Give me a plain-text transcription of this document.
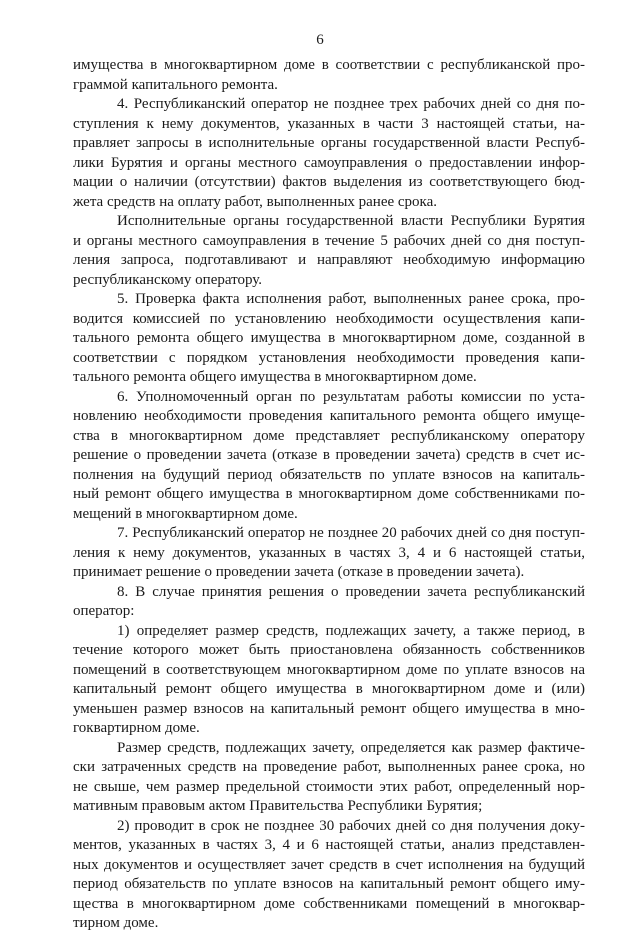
6
имущества в многоквартирном доме в соответствии с республиканской про-
граммой капитального ремонта.
4. Республиканский оператор не позднее трех рабочих дней со дня по-
ступления к нему документов, указанных в части 3 настоящей статьи, на-
правляет запросы в исполнительные органы государственной власти Респуб-
лики Бурятия и органы местного самоуправления о предоставлении инфор-
мации о наличии (отсутствии) фактов выделения из соответствующего бюд-
жета средств на оплату работ, выполненных ранее срока.
Исполнительные органы государственной власти Республики Бурятия
и органы местного самоуправления в течение 5 рабочих дней со дня поступ-
ления запроса, подготавливают и направляют необходимую информацию
республиканскому оператору.
5. Проверка факта исполнения работ, выполненных ранее срока, про-
водится комиссией по установлению необходимости осуществления капи-
тального ремонта общего имущества в многоквартирном доме, созданной в
соответствии с порядком установления необходимости проведения капи-
тального ремонта общего имущества в многоквартирном доме.
6. Уполномоченный орган по результатам работы комиссии по уста-
новлению необходимости проведения капитального ремонта общего имуще-
ства в многоквартирном доме представляет республиканскому оператору
решение о проведении зачета (отказе в проведении зачета) средств в счет ис-
полнения на будущий период обязательств по уплате взносов на капиталь-
ный ремонт общего имущества в многоквартирном доме собственниками по-
мещений в многоквартирном доме.
7. Республиканский оператор не позднее 20 рабочих дней со дня поступ-
ления к нему документов, указанных в частях 3, 4 и 6 настоящей статьи,
принимает решение о проведении зачета (отказе в проведении зачета).
8. В случае принятия решения о проведении зачета республиканский
оператор:
1) определяет размер средств, подлежащих зачету, а также период, в
течение которого может быть приостановлена обязанность собственников
помещений в соответствующем многоквартирном доме по уплате взносов на
капитальный ремонт общего имущества в многоквартирном доме и (или)
уменьшен размер взносов на капитальный ремонт общего имущества в мно-
гоквартирном доме.
Размер средств, подлежащих зачету, определяется как размер фактиче-
ски затраченных средств на проведение работ, выполненных ранее срока, но
не свыше, чем размер предельной стоимости этих работ, определенный нор-
мативным правовым актом Правительства Республики Бурятия;
2) проводит в срок не позднее 30 рабочих дней со дня получения доку-
ментов, указанных в частях 3, 4 и 6 настоящей статьи, анализ представлен-
ных документов и осуществляет зачет средств в счет исполнения на будущий
период обязательств по уплате взносов на капитальный ремонт общего иму-
щества в многоквартирном доме собственниками помещений в многоквар-
тирном доме.
